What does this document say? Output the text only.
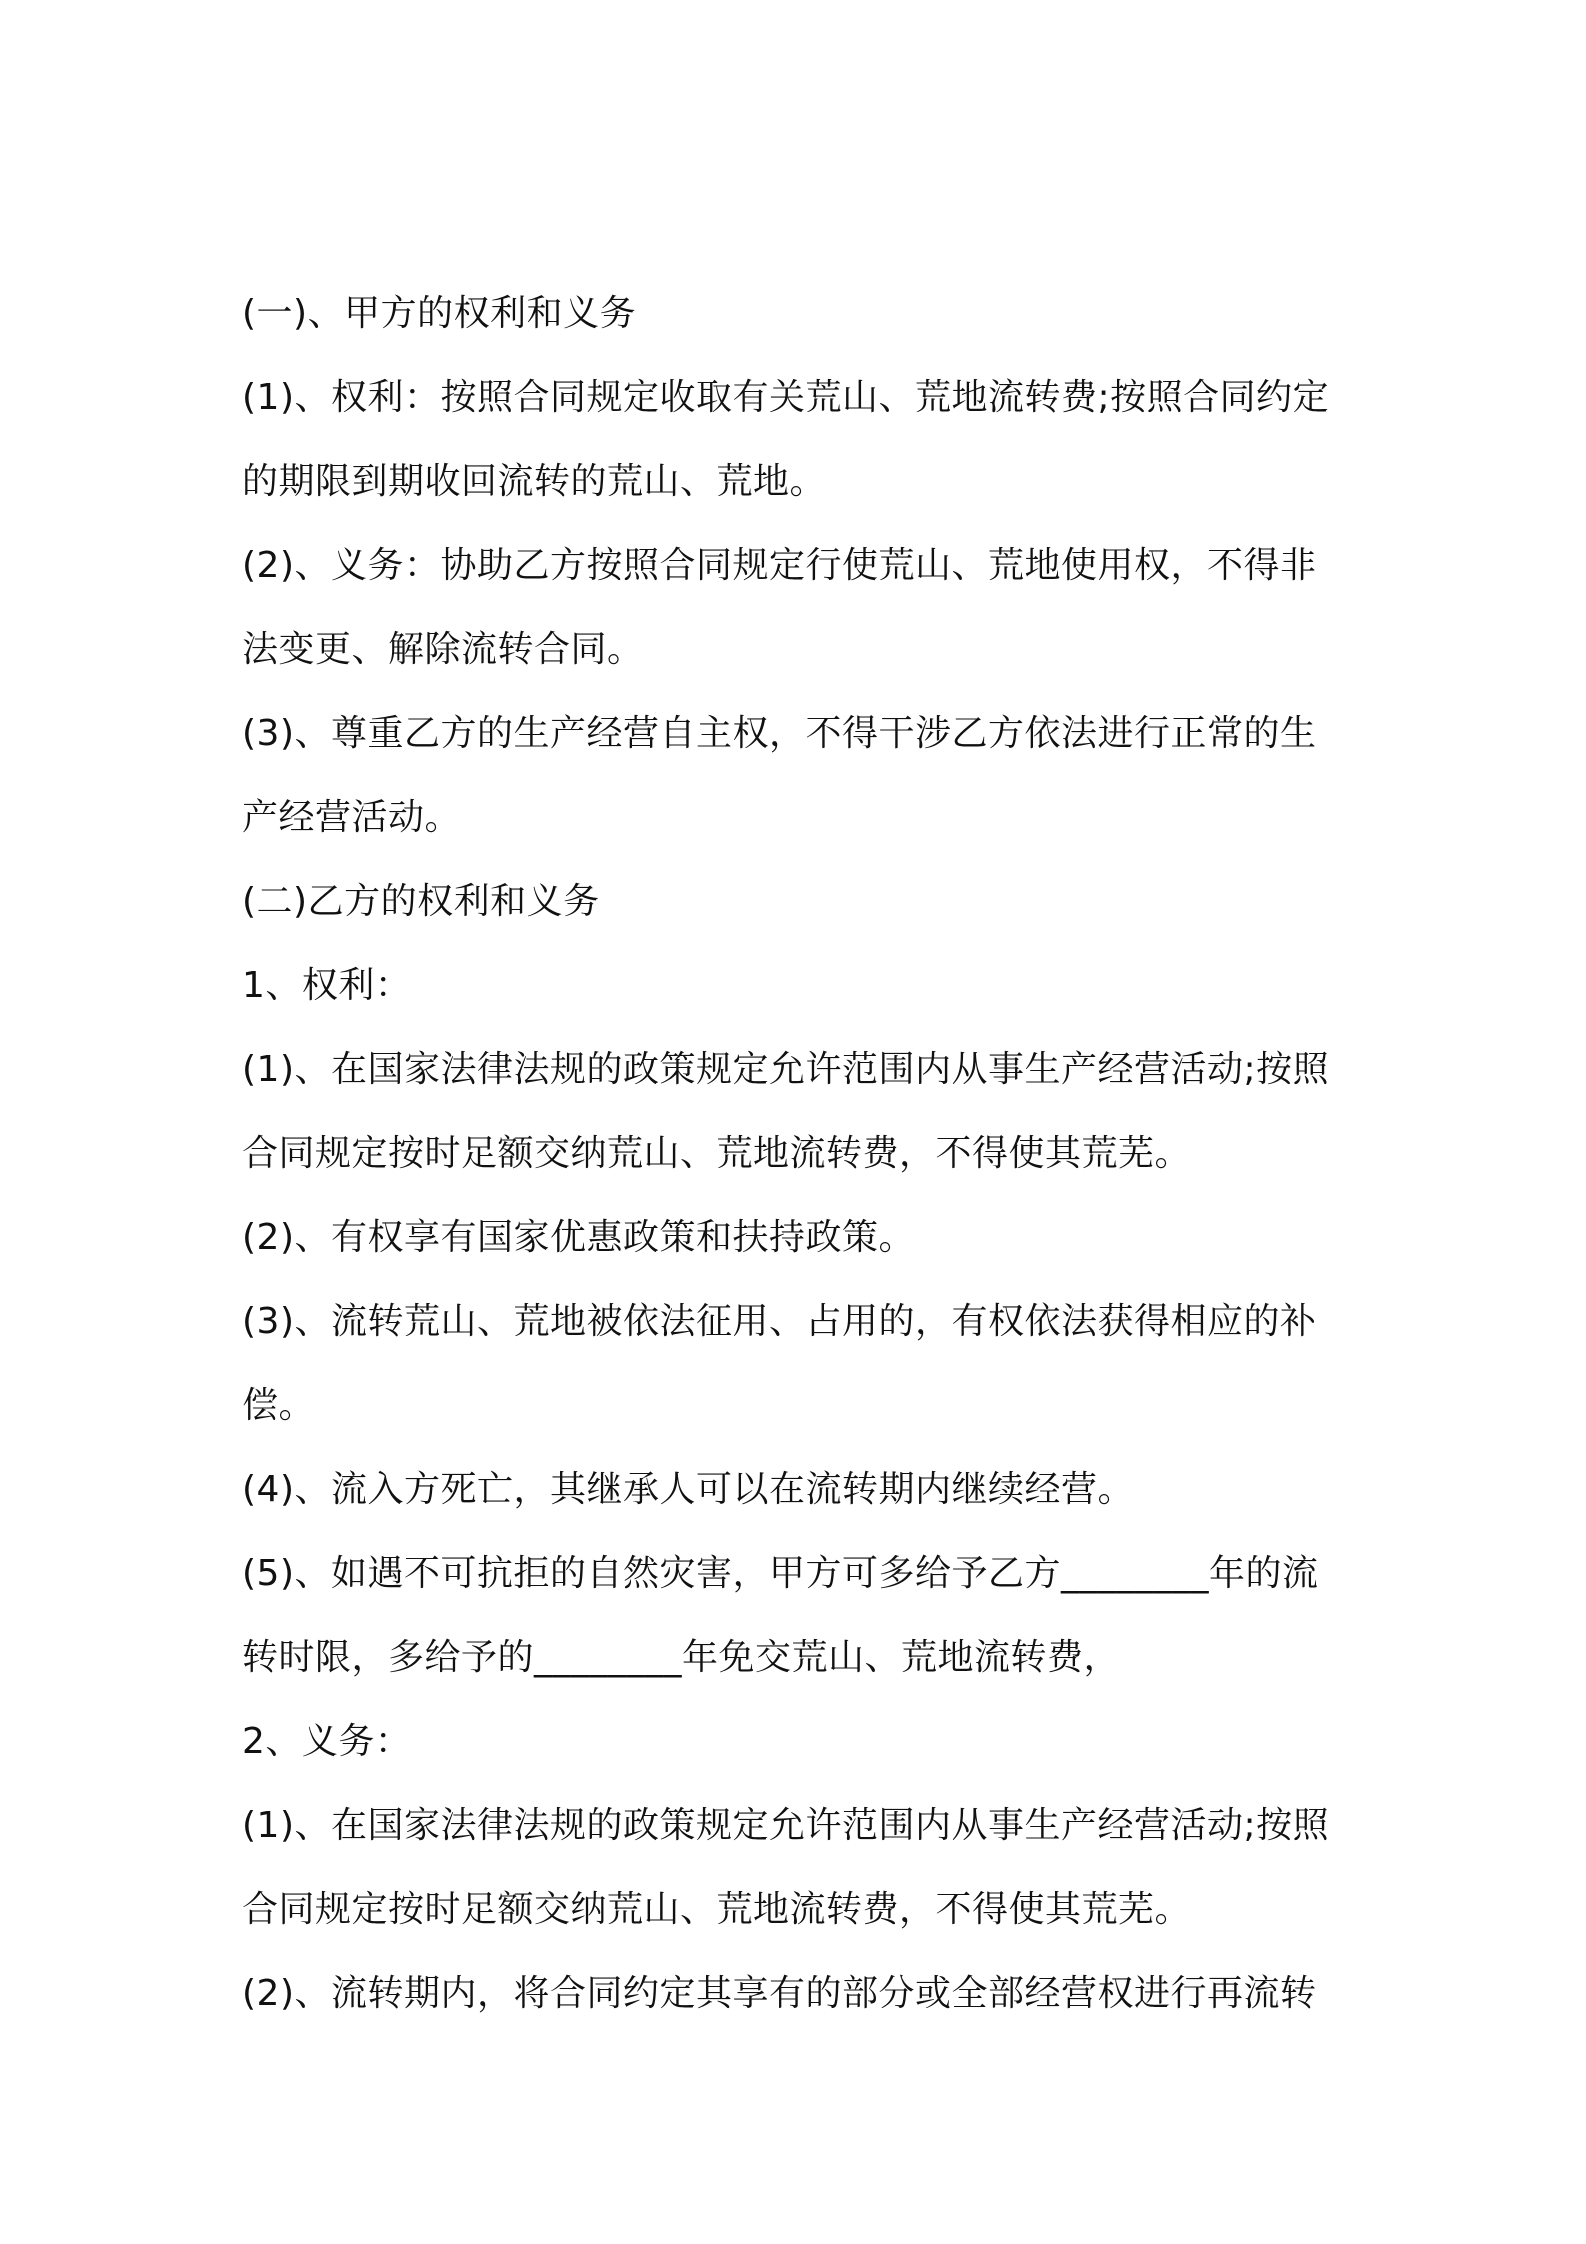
(一)、甲方的权利和义务
(1)、权利：按照合同规定收取有关荒山、荒地流转费;按照合同约定
的期限到期收回流转的荒山、荒地。
(2)、义务：协助乙方按照合同规定行使荒山、荒地使用权，不得非
法变更、解除流转合同。
(3)、尊重乙方的生产经营自主权，不得干涉乙方依法进行正常的生
产经营活动。
(二)乙方的权利和义务
1、权利：
(1)、在国家法律法规的政策规定允许范围内从事生产经营活动;按照
合同规定按时足额交纳荒山、荒地流转费，不得使其荒芜。
(2)、有权享有国家优惠政策和扶持政策。
(3)、流转荒山、荒地被依法征用、占用的，有权依法获得相应的补
偿。
(4)、流入方死亡，其继承人可以在流转期内继续经营。
(5)、如遇不可抗拒的自然灾害，甲方可多给予乙方________年的流
转时限，多给予的________年免交荒山、荒地流转费，
2、义务：
(1)、在国家法律法规的政策规定允许范围内从事生产经营活动;按照
合同规定按时足额交纳荒山、荒地流转费，不得使其荒芜。
(2)、流转期内，将合同约定其享有的部分或全部经营权进行再流转
